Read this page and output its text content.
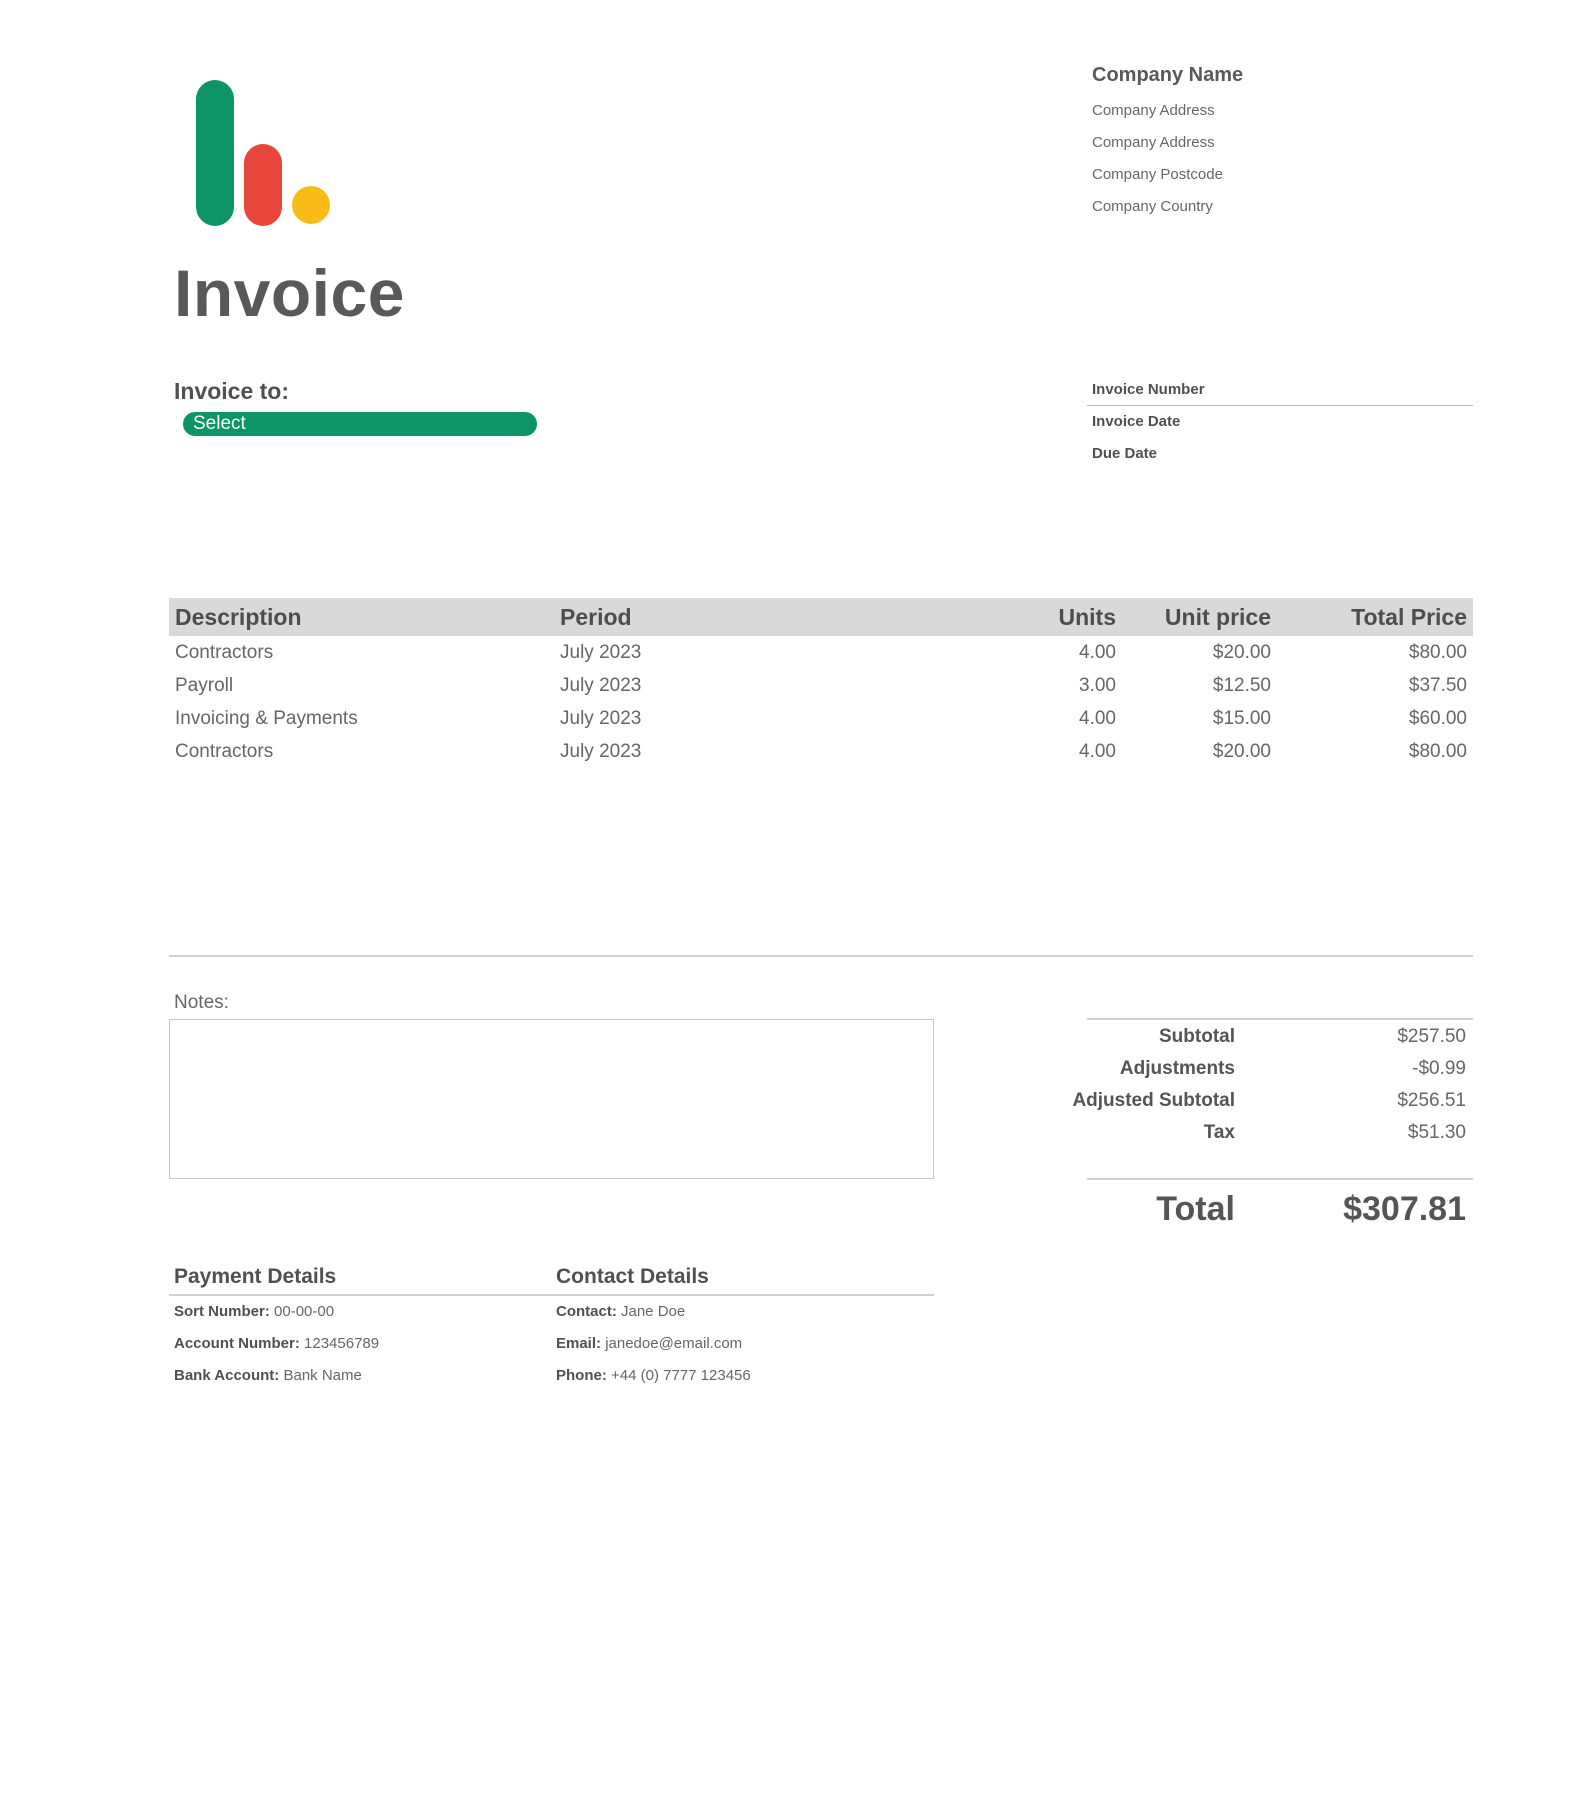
Invoice
Company Name
Company Address
Company Address
Company Postcode
Company Country
Invoice to:
Select
Invoice Number
Invoice Date
Due Date
Description	Period	Units	Unit price	Total Price
Contractors	July 2023	4.00	$20.00	$80.00
Payroll	July 2023	3.00	$12.50	$37.50
Invoicing & Payments	July 2023	4.00	$15.00	$60.00
Contractors	July 2023	4.00	$20.00	$80.00
Notes:
Subtotal	$257.50
Adjustments	-$0.99
Adjusted Subtotal	$256.51
Tax	$51.30
Total	$307.81
Payment Details
Sort Number: 00-00-00
Account Number: 123456789
Bank Account: Bank Name
Contact Details
Contact: Jane Doe
Email: janedoe@email.com
Phone: +44 (0) 7777 123456
